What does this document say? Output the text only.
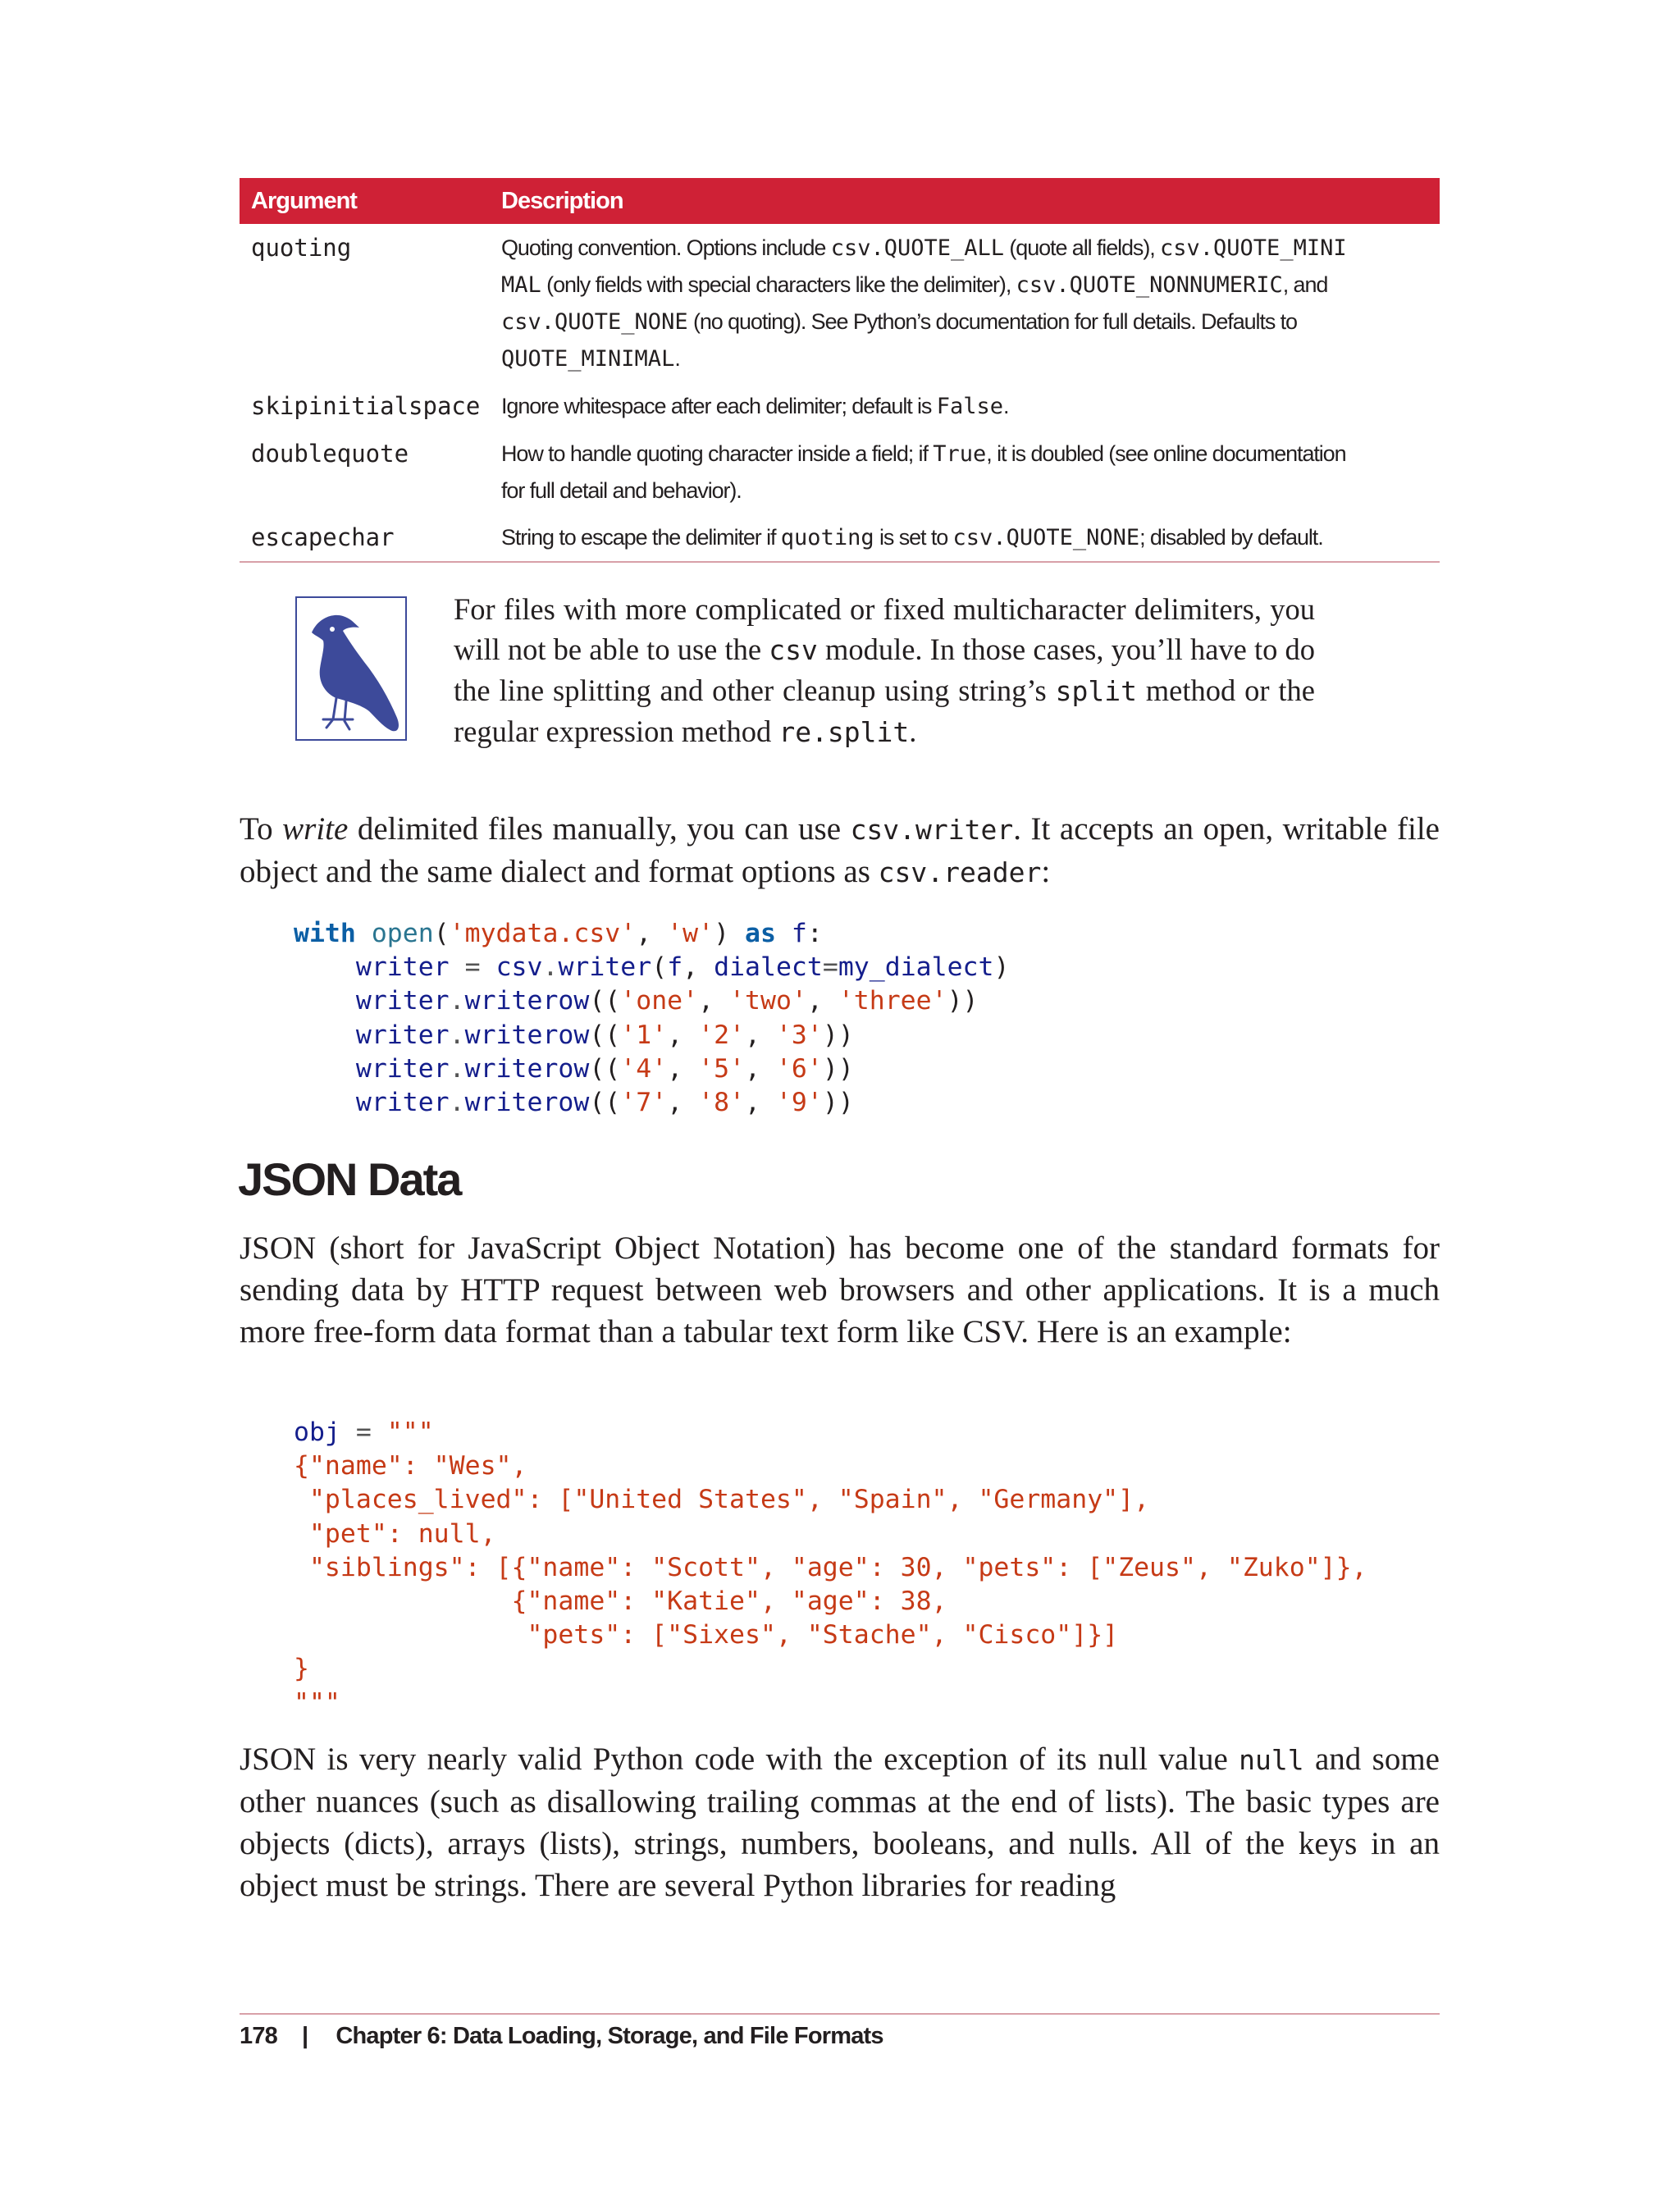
Argument	Description
quoting	Quoting convention. Options include csv.QUOTE_ALL (quote all fields), csv.QUOTE_MINI
MAL (only fields with special characters like the delimiter), csv.QUOTE_NONNUMERIC, and
csv.QUOTE_NONE (no quoting). See Python’s documentation for full details. Defaults to
QUOTE_MINIMAL.
skipinitialspace	Ignore whitespace after each delimiter; default is False.
doublequote	How to handle quoting character inside a field; if True, it is doubled (see online documentation
for full detail and behavior).
escapechar	String to escape the delimiter if quoting is set to csv.QUOTE_NONE; disabled by default.
For files with more complicated or fixed multicharacter delimiters, you will not be able to use the csv module. In those cases, you’ll have to do the line splitting and other cleanup using string’s split method or the regular expression method re.split.
To write delimited files manually, you can use csv.writer. It accepts an open, writable file object and the same dialect and format options as csv.reader:
with open('mydata.csv', 'w') as f:
writer = csv.writer(f, dialect=my_dialect)
writer.writerow(('one', 'two', 'three'))
writer.writerow(('1', '2', '3'))
writer.writerow(('4', '5', '6'))
writer.writerow(('7', '8', '9'))
JSON Data
JSON (short for JavaScript Object Notation) has become one of the standard formats for sending data by HTTP request between web browsers and other applications. It is a much more free-form data format than a tabular text form like CSV. Here is an example:
obj = """
{"name": "Wes",
"places_lived": ["United States", "Spain", "Germany"],
"pet": null,
"siblings": [{"name": "Scott", "age": 30, "pets": ["Zeus", "Zuko"]},
{"name": "Katie", "age": 38,
"pets": ["Sixes", "Stache", "Cisco"]}]
}
"""
JSON is very nearly valid Python code with the exception of its null value null and some other nuances (such as disallowing trailing commas at the end of lists). The basic types are objects (dicts), arrays (lists), strings, numbers, booleans, and nulls. All of the keys in an object must be strings. There are several Python libraries for reading
178 | Chapter 6: Data Loading, Storage, and File Formats
